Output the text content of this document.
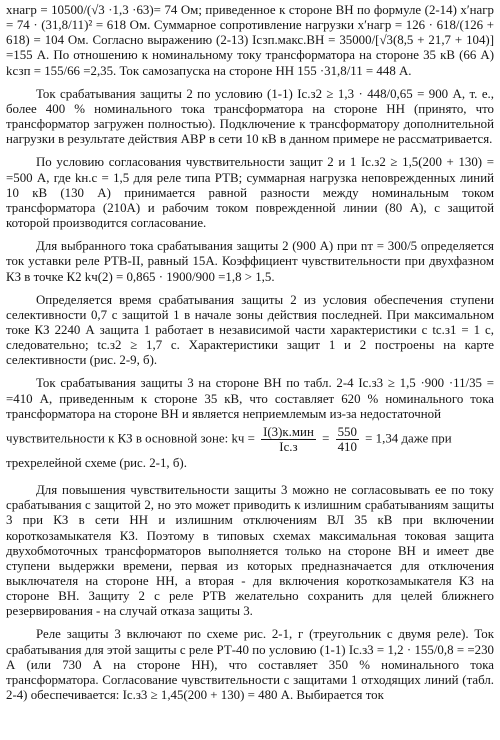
xнагр = 10500/(√3 ·1,3 ·63)= 74 Ом; приведенное к стороне ВН по формуле (2-14) x′нагр = 74 · (31,8/11)² = 618 Ом. Суммарное сопротивление нагрузки x′нагр = 126 · 618/(126 + 618) = 104 Ом. Согласно выражению (2-13) Iсзп.макс.ВН = 35000/[√3(8,5 + 21,7 + 104)] =155 А. По отношению к номинальному току трансформатора на стороне 35 кВ (66 А) kсзп = 155/66 =2,35. Ток самозапуска на стороне НН 155 ·31,8/11 = 448 А.

Ток срабатывания защиты 2 по условию (1-1) Iс.з2 ≥ 1,3 · 448/0,65 = 900 А, т. е., более 400 % номинального тока трансформатора на стороне НН (принято, что трансформатор загружен полностью). Подключение к трансформатору дополнительной нагрузки в результате действия АВР в сети 10 кВ в данном примере не рассматривается.

По условию согласования чувствительности защит 2 и 1 Iс.з2 ≥ 1,5(200 + 130) = =500 А, где kн.с = 1,5 для реле типа РТВ; суммарная нагрузка неповрежденных линий 10 кВ (130 А) принимается равной разности между номинальным током трансформатора (210А) и рабочим током поврежденной линии (80 А), с защитой которой производится согласование.

Для выбранного тока срабатывания защиты 2 (900 А) при nт = 300/5 определяется ток уставки реле РТВ-II, равный 15А. Коэффициент чувствительности при двухфазном КЗ в точке К2 kч(2) = 0,865 · 1900/900 =1,8 > 1,5.

Определяется время срабатывания защиты 2 из условия обеспечения ступени селективности 0,7 с защитой 1 в начале зоны действия последней. При максимальном токе КЗ 2240 А защита 1 работает в независимой части характеристики с tс.з1 = 1 с, следовательно; tс.з2 ≥ 1,7 с. Характеристики защит 1 и 2 построены на карте селективности (рис. 2-9, б).

Ток срабатывания защиты 3 на стороне ВН по табл. 2-4 Iс.з3 ≥ 1,5 ·900 ·11/35 = =410 А, приведенным к стороне 35 кВ, что составляет 620 % номинального тока трансформатора на стороне ВН и является неприемлемым из-за недостаточной

чувствительности к КЗ в основной зоне: kч = $\frac{\text{I(3)к.мин}}{Iс.з} = \frac{550}{410} = 1,34$ даже при

трехрелейной схеме (рис. 2-1, б).

Для повышения чувствительности защиты 3 можно не согласовывать ее по току срабатывания с защитой 2, но это может приводить к излишним срабатываниям защиты 3 при КЗ в сети НН и излишним отключениям ВЛ 35 кВ при включении короткозамыкателя КЗ. Поэтому в типовых схемах максимальная токовая защита двухобмоточных трансформаторов выполняется только на стороне ВН и имеет две ступени выдержки времени, первая из которых предназначается для отключения выключателя на стороне НН, а вторая - для включения короткозамыкателя КЗ на стороне ВН. Защиту 2 с реле РТВ желательно сохранить для целей ближнего резервирования - на случай отказа защиты 3.

Реле защиты 3 включают по схеме рис. 2-1, г (треугольник с двумя реле). Ток срабатывания для этой защиты с реле РТ-40 по условию (1-1) Iс.з3 = 1,2 · 155/0,8 = =230 А (или 730 А на стороне НН), что составляет 350 % номинального тока трансформатора. Согласование чувствительности с защитами 1 отходящих линий (табл. 2-4) обеспечивается: Iс.з3 ≥ 1,45(200 + 130) = 480 А. Выбирается ток
